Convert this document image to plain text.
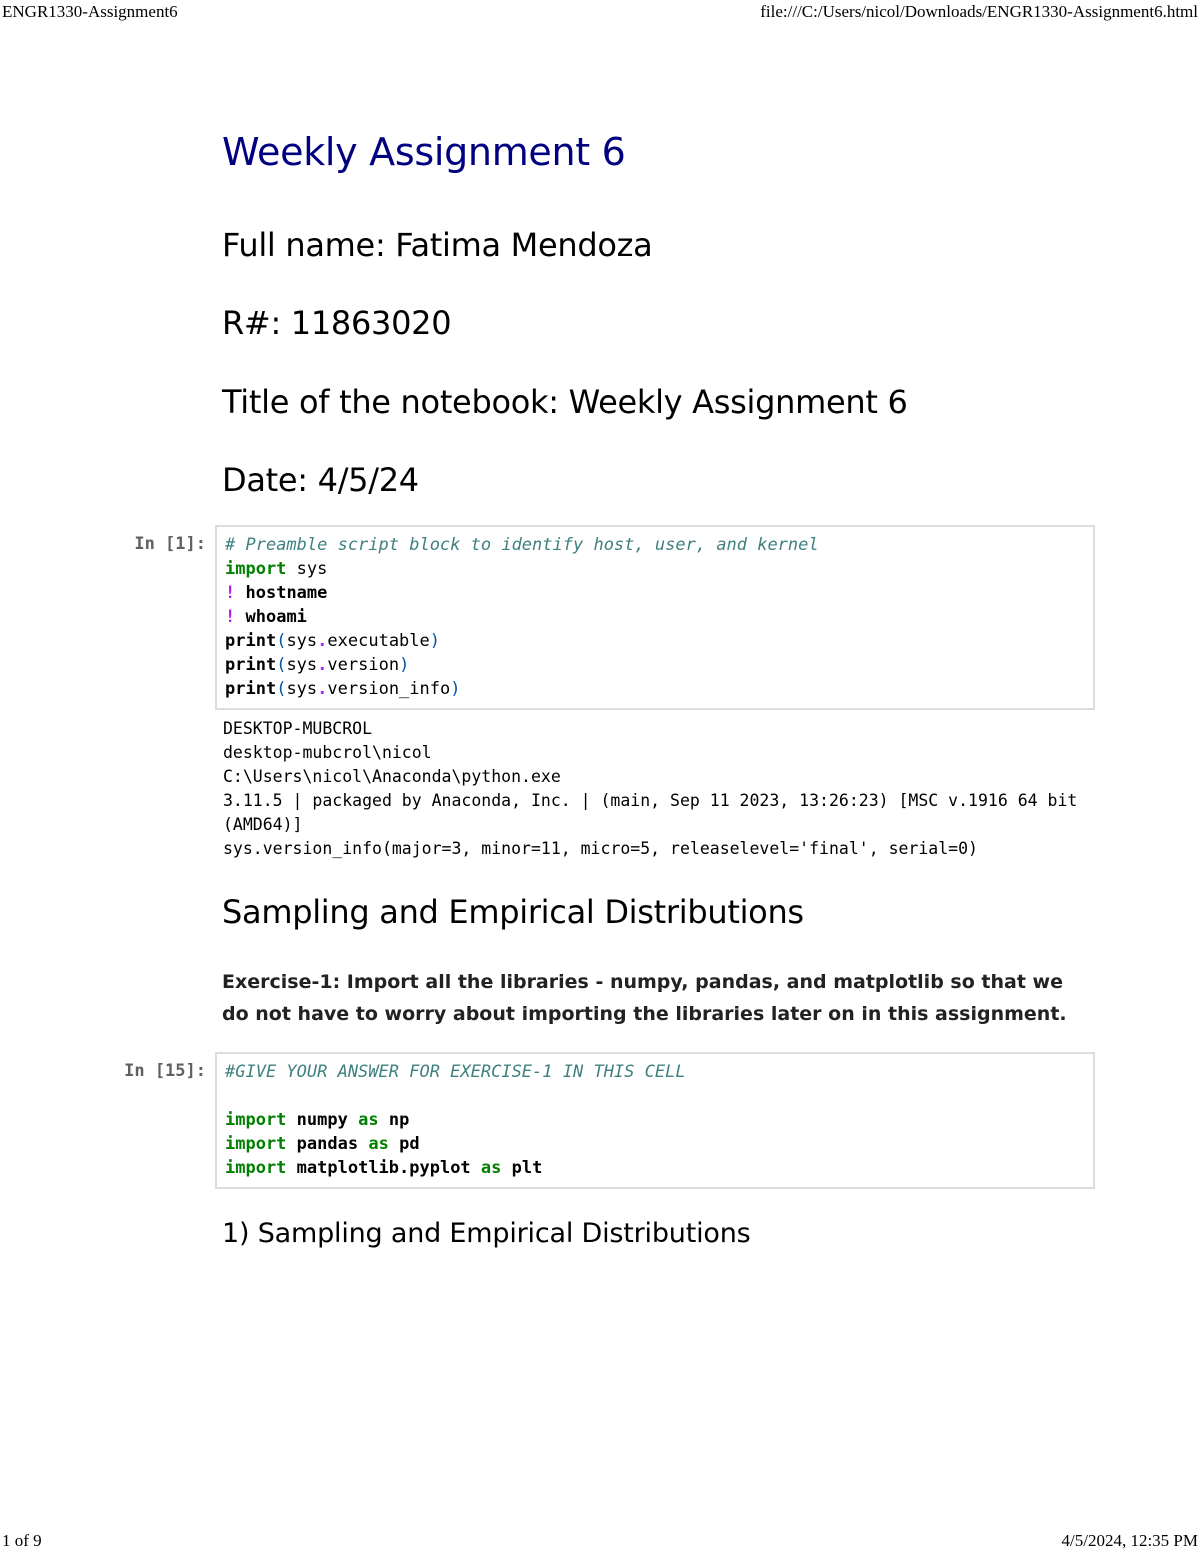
ENGR1330-Assignment6	file:///C:/Users/nicol/Downloads/ENGR1330-Assignment6.html
Weekly Assignment 6
Full name: Fatima Mendoza
R#: 11863020
Title of the notebook: Weekly Assignment 6
Date: 4/5/24
In [1]: # Preamble script block to identify host, user, and kernel
import sys
! hostname
! whoami
print(sys.executable)
print(sys.version)
print(sys.version_info)
DESKTOP-MUBCROL
desktop-mubcrol\nicol
C:\Users\nicol\Anaconda\python.exe
3.11.5 | packaged by Anaconda, Inc. | (main, Sep 11 2023, 13:26:23) [MSC v.1916 64 bit (AMD64)]
sys.version_info(major=3, minor=11, micro=5, releaselevel='final', serial=0)
Sampling and Empirical Distributions
Exercise-1: Import all the libraries - numpy, pandas, and matplotlib so that we do not have to worry about importing the libraries later on in this assignment.
In [15]: #GIVE YOUR ANSWER FOR EXERCISE-1 IN THIS CELL
import numpy as np
import pandas as pd
import matplotlib.pyplot as plt
1) Sampling and Empirical Distributions
1 of 9	4/5/2024, 12:35 PM
